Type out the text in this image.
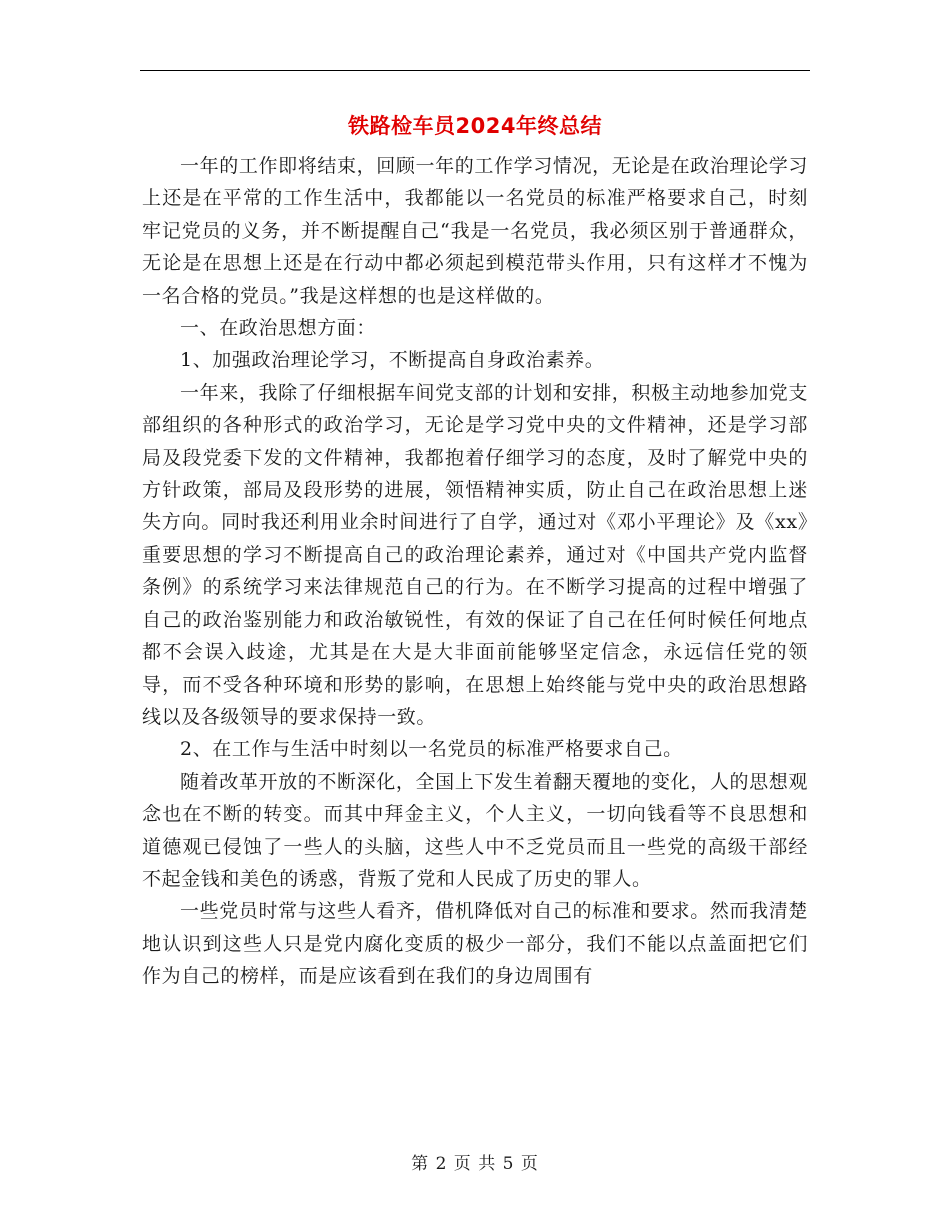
铁路检车员2024年终总结

一年的工作即将结束，回顾一年的工作学习情况，无论是在政治理论学习上还是在平常的工作生活中，我都能以一名党员的标准严格要求自己，时刻牢记党员的义务，并不断提醒自己“我是一名党员，我必须区别于普通群众，无论是在思想上还是在行动中都必须起到模范带头作用，只有这样才不愧为一名合格的党员。”我是这样想的也是这样做的。

一、在政治思想方面：

1、加强政治理论学习，不断提高自身政治素养。

一年来，我除了仔细根据车间党支部的计划和安排，积极主动地参加党支部组织的各种形式的政治学习，无论是学习党中央的文件精神，还是学习部局及段党委下发的文件精神，我都抱着仔细学习的态度，及时了解党中央的方针政策，部局及段形势的进展，领悟精神实质，防止自己在政治思想上迷失方向。同时我还利用业余时间进行了自学，通过对《邓小平理论》及《xx》重要思想的学习不断提高自己的政治理论素养，通过对《中国共产党内监督条例》的系统学习来法律规范自己的行为。在不断学习提高的过程中增强了自己的政治鉴别能力和政治敏锐性，有效的保证了自己在任何时候任何地点都不会误入歧途，尤其是在大是大非面前能够坚定信念，永远信任党的领导，而不受各种环境和形势的影响，在思想上始终能与党中央的政治思想路线以及各级领导的要求保持一致。

2、在工作与生活中时刻以一名党员的标准严格要求自己。

随着改革开放的不断深化，全国上下发生着翻天覆地的变化，人的思想观念也在不断的转变。而其中拜金主义，个人主义，一切向钱看等不良思想和道德观已侵蚀了一些人的头脑，这些人中不乏党员而且一些党的高级干部经不起金钱和美色的诱惑，背叛了党和人民成了历史的罪人。

一些党员时常与这些人看齐，借机降低对自己的标准和要求。然而我清楚地认识到这些人只是党内腐化变质的极少一部分，我们不能以点盖面把它们作为自己的榜样，而是应该看到在我们的身边周围有

第 2 页 共 5 页
